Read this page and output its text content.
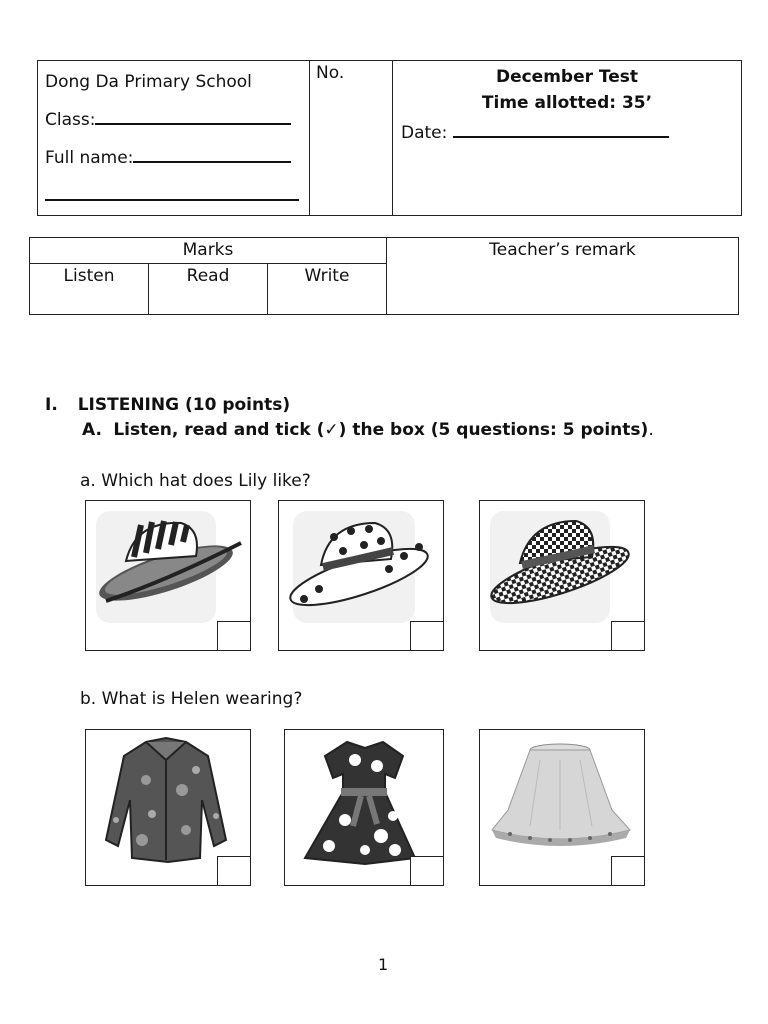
Dong Da Primary School
Class:
Full name:

No.	December Test
Time allotted: 35’
Date:
Marks			Teacher’s remark
Listen	Read	Write	
I. LISTENING (10 points)
A. Listen, read and tick (✓) the box (5 questions: 5 points).
a. Which hat does Lily like?
b. What is Helen wearing?
1
